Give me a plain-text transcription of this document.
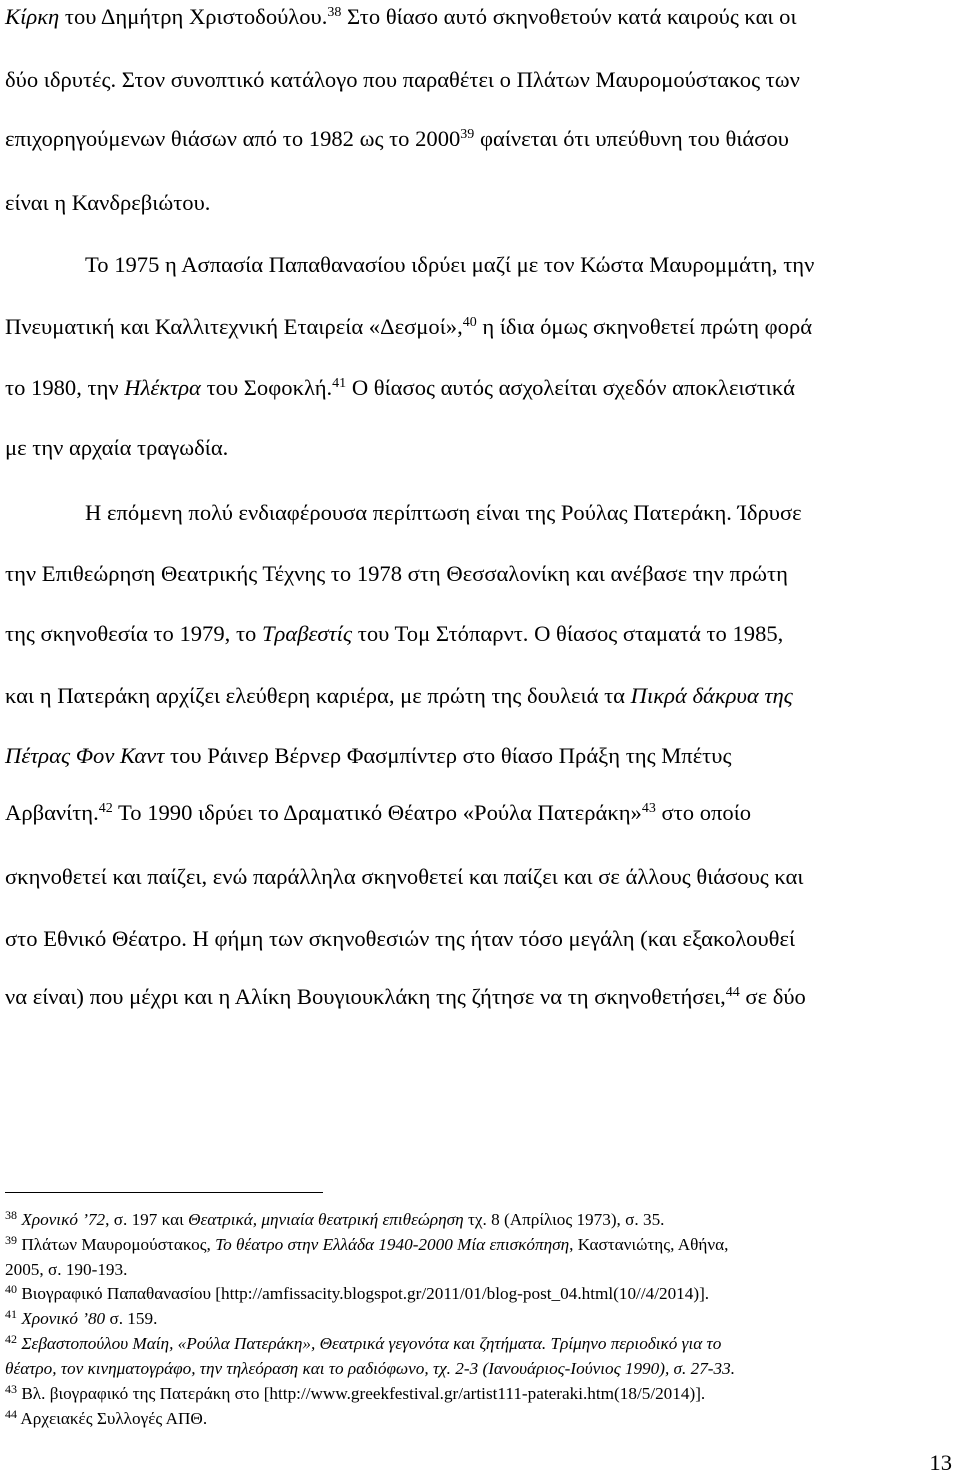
Κίρκη του Δημήτρη Χριστοδούλου.$^{38}$ Στο θίασο αυτό σκηνοθετούν κατά καιρούς και οι
δύο ιδρυτές. Στον συνοπτικό κατάλογο που παραθέτει ο Πλάτων Μαυρομούστακος των
επιχορηγούμενων θιάσων από το 1982 ως το 2000$^{39}$ φαίνεται ότι υπεύθυνη του θιάσου
είναι η Κανδρεβιώτου.
Το 1975 η Ασπασία Παπαθανασίου ιδρύει μαζί με τον Κώστα Μαυρομμάτη, την
Πνευματική και Καλλιτεχνική Εταιρεία «Δεσμοί»,$^{40}$ η ίδια όμως σκηνοθετεί πρώτη φορά
το 1980, την Ηλέκτρα του Σοφοκλή.$^{41}$ Ο θίασος αυτός ασχολείται σχεδόν αποκλειστικά
με την αρχαία τραγωδία.
Η επόμενη πολύ ενδιαφέρουσα περίπτωση είναι της Ρούλας Πατεράκη. Ίδρυσε
την Επιθεώρηση Θεατρικής Τέχνης το 1978 στη Θεσσαλονίκη και ανέβασε την πρώτη
της σκηνοθεσία το 1979, το Τραβεστίς του Τομ Στόπαρντ. Ο θίασος σταματά το 1985,
και η Πατεράκη αρχίζει ελεύθερη καριέρα, με πρώτη της δουλειά τα Πικρά δάκρυα της
Πέτρας Φον Καντ του Ράινερ Βέρνερ Φασμπίντερ στο θίασο Πράξη της Μπέτυς
Αρβανίτη.$^{42}$ Το 1990 ιδρύει το Δραματικό Θέατρο «Ρούλα Πατεράκη»$^{43}$ στο οποίο
σκηνοθετεί και παίζει, ενώ παράλληλα σκηνοθετεί και παίζει και σε άλλους θιάσους και
στο Εθνικό Θέατρο. Η φήμη των σκηνοθεσιών της ήταν τόσο μεγάλη (και εξακολουθεί
να είναι) που μέχρι και η Αλίκη Βουγιουκλάκη της ζήτησε να τη σκηνοθετήσει,$^{44}$ σε δύο
$^{38}$ Χρονικό ’72, σ. 197 και Θεατρικά, μηνιαία θεατρική επιθεώρηση τχ. 8 (Απρίλιος 1973), σ. 35.
$^{39}$ Πλάτων Μαυρομούστακος, Το θέατρο στην Ελλάδα 1940-2000 Μία επισκόπηση, Καστανιώτης, Αθήνα,
2005, σ. 190-193.
$^{40}$ Βιογραφικό Παπαθανασίου [http://amfissacity.blogspot.gr/2011/01/blog-post_04.html(10//4/2014)].
$^{41}$ Χρονικό ’80 σ. 159.
$^{42}$ Σεβαστοπούλου Μαίη, «Ρούλα Πατεράκη», Θεατρικά γεγονότα και ζητήματα. Τρίμηνο περιοδικό για το
θέατρο, τον κινηματογράφο, την τηλεόραση και το ραδιόφωνο, τχ. 2-3 (Ιανουάριος-Ιούνιος 1990), σ. 27-33.
$^{43}$ Βλ. βιογραφικό της Πατεράκη στο [http://www.greekfestival.gr/artist111-pateraki.htm(18/5/2014)].
$^{44}$ Αρχειακές Συλλογές ΑΠΘ.
13
